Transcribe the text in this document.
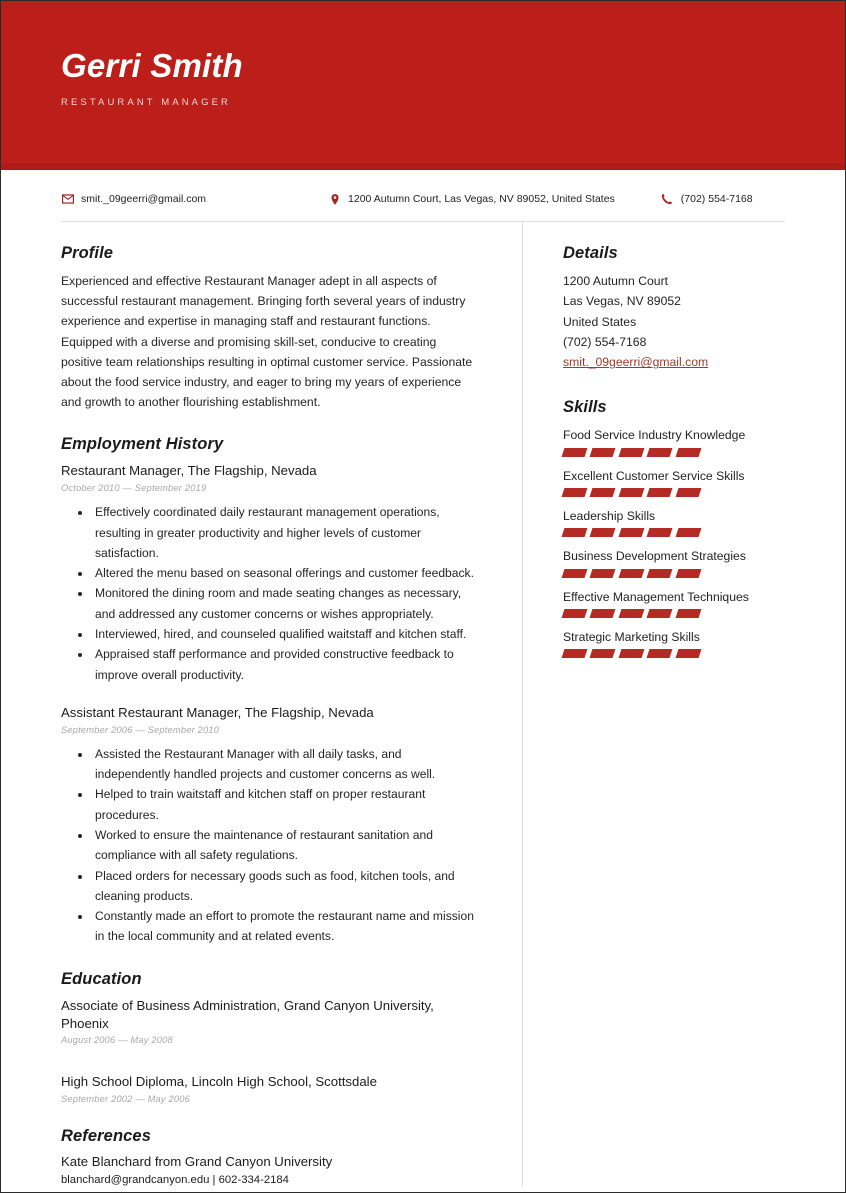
Gerri Smith
RESTAURANT MANAGER
smit._09geerri@gmail.com	1200 Autumn Court, Las Vegas, NV 89052, United States	(702) 554-7168
Profile

Experienced and effective Restaurant Manager adept in all aspects of successful restaurant management. Bringing forth several years of industry experience and expertise in managing staff and restaurant functions. Equipped with a diverse and promising skill-set, conducive to creating positive team relationships resulting in optimal customer service. Passionate about the food service industry, and eager to bring my years of experience and growth to another flourishing establishment.

Employment History
Restaurant Manager, The Flagship, Nevada
October 2010 — September 2019
• Effectively coordinated daily restaurant management operations, resulting in greater productivity and higher levels of customer satisfaction.
• Altered the menu based on seasonal offerings and customer feedback.
• Monitored the dining room and made seating changes as necessary, and addressed any customer concerns or wishes appropriately.
• Interviewed, hired, and counseled qualified waitstaff and kitchen staff.
• Appraised staff performance and provided constructive feedback to improve overall productivity.
Assistant Restaurant Manager, The Flagship, Nevada
September 2006 — September 2010
• Assisted the Restaurant Manager with all daily tasks, and independently handled projects and customer concerns as well.
• Helped to train waitstaff and kitchen staff on proper restaurant procedures.
• Worked to ensure the maintenance of restaurant sanitation and compliance with all safety regulations.
• Placed orders for necessary goods such as food, kitchen tools, and cleaning products.
• Constantly made an effort to promote the restaurant name and mission in the local community and at related events.
Education
Associate of Business Administration, Grand Canyon University, Phoenix
August 2006 — May 2008
High School Diploma, Lincoln High School, Scottsdale
September 2002 — May 2006
References
Kate Blanchard from Grand Canyon University
blanchard@grandcanyon.edu | 602-334-2184
Details
1200 Autumn Court
Las Vegas, NV 89052
United States
(702) 554-7168
smit._09geerri@gmail.com
Skills
Food Service Industry Knowledge
Excellent Customer Service Skills
Leadership Skills
Business Development Strategies
Effective Management Techniques
Strategic Marketing Skills
